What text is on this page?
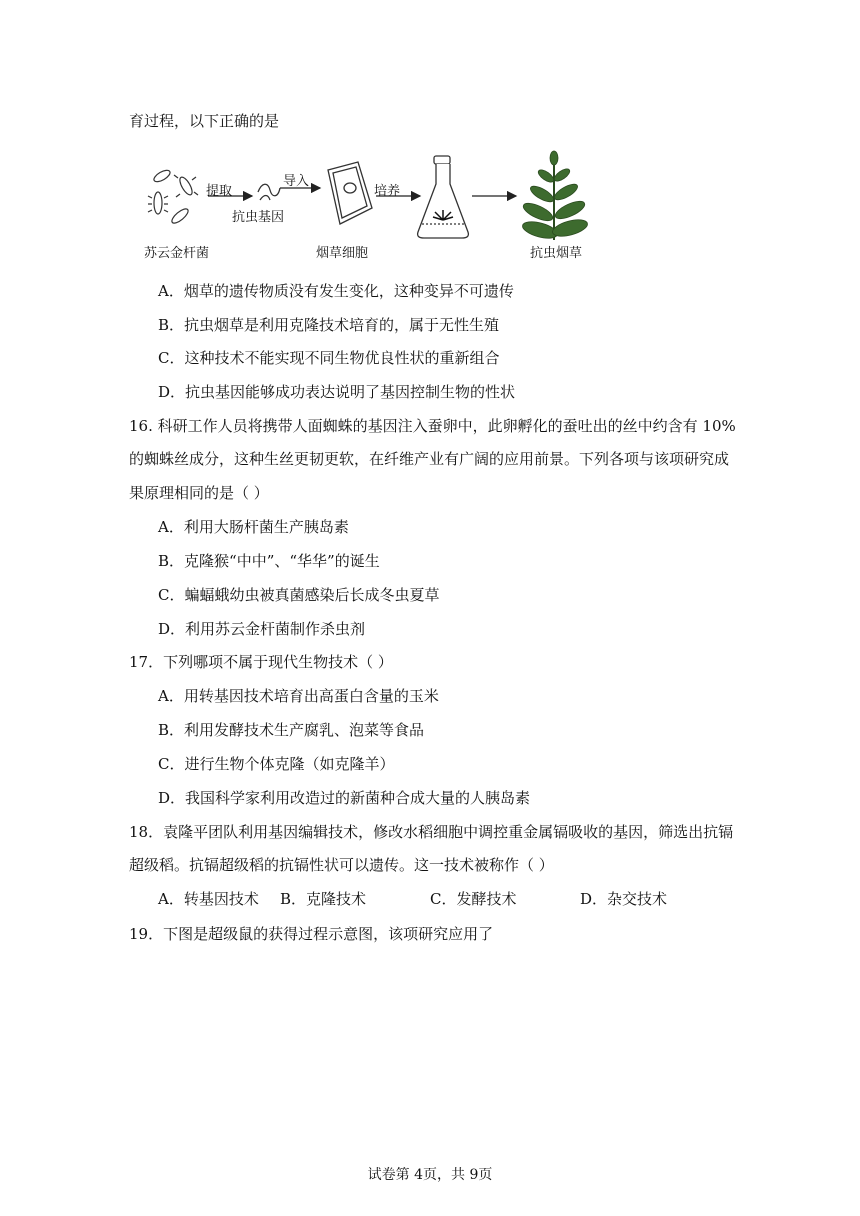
育过程，以下正确的是
提取
导入
培养
抗虫基因
苏云金杆菌	烟草细胞	抗虫烟草
A．烟草的遗传物质没有发生变化，这种变异不可遗传
B．抗虫烟草是利用克隆技术培育的，属于无性生殖
C．这种技术不能实现不同生物优良性状的重新组合
D．抗虫基因能够成功表达说明了基因控制生物的性状
16. 科研工作人员将携带人面蜘蛛的基因注入蚕卵中，此卵孵化的蚕吐出的丝中约含有 10%
的蜘蛛丝成分，这种生丝更韧更软，在纤维产业有广阔的应用前景。下列各项与该项研究成
果原理相同的是（ ）
A．利用大肠杆菌生产胰岛素
B．克隆猴“中中”、“华华”的诞生
C．蝙蝠蛾幼虫被真菌感染后长成冬虫夏草
D．利用苏云金杆菌制作杀虫剂
17．下列哪项不属于现代生物技术（ ）
A．用转基因技术培育出高蛋白含量的玉米
B．利用发酵技术生产腐乳、泡菜等食品
C．进行生物个体克隆（如克隆羊）
D．我国科学家利用改造过的新菌种合成大量的人胰岛素
18．袁隆平团队利用基因编辑技术，修改水稻细胞中调控重金属镉吸收的基因，筛选出抗镉
超级稻。抗镉超级稻的抗镉性状可以遗传。这一技术被称作（ ）
A．转基因技术 B．克隆技术	C．发酵技术	D．杂交技术
19．下图是超级鼠的获得过程示意图，该项研究应用了
试卷第 4页，共 9页
